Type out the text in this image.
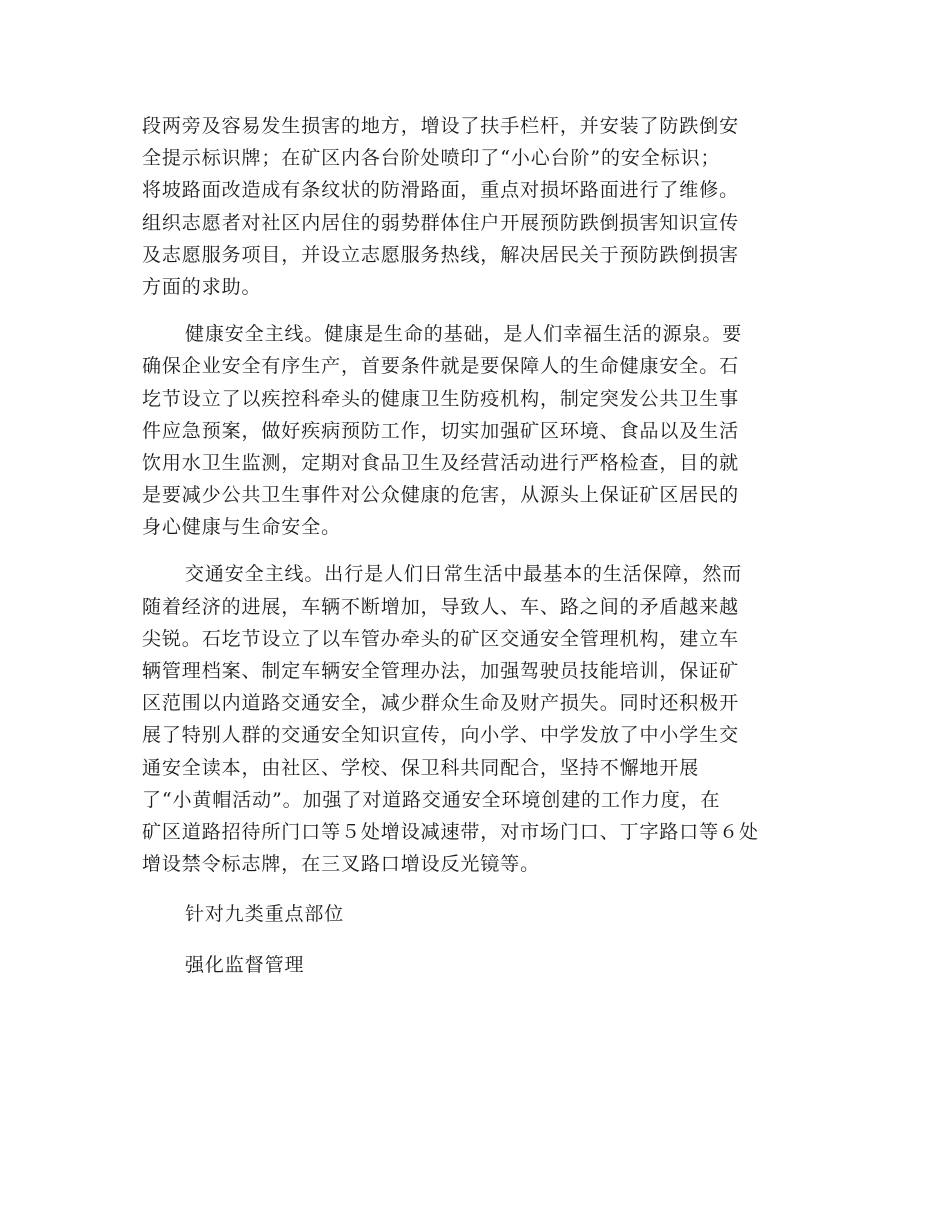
段两旁及容易发生损害的地方，增设了扶手栏杆，并安装了防跌倒安
全提示标识牌；在矿区内各台阶处喷印了“小心台阶”的安全标识；
将坡路面改造成有条纹状的防滑路面，重点对损坏路面进行了维修。
组织志愿者对社区内居住的弱势群体住户开展预防跌倒损害知识宣传
及志愿服务项目，并设立志愿服务热线，解决居民关于预防跌倒损害
方面的求助。
健康安全主线。健康是生命的基础，是人们幸福生活的源泉。要
确保企业安全有序生产，首要条件就是要保障人的生命健康安全。石
圪节设立了以疾控科牵头的健康卫生防疫机构，制定突发公共卫生事
件应急预案，做好疾病预防工作，切实加强矿区环境、食品以及生活
饮用水卫生监测，定期对食品卫生及经营活动进行严格检查，目的就
是要减少公共卫生事件对公众健康的危害，从源头上保证矿区居民的
身心健康与生命安全。
交通安全主线。出行是人们日常生活中最基本的生活保障，然而
随着经济的进展，车辆不断增加，导致人、车、路之间的矛盾越来越
尖锐。石圪节设立了以车管办牵头的矿区交通安全管理机构，建立车
辆管理档案、制定车辆安全管理办法，加强驾驶员技能培训，保证矿
区范围以内道路交通安全，减少群众生命及财产损失。同时还积极开
展了特别人群的交通安全知识宣传，向小学、中学发放了中小学生交
通安全读本，由社区、学校、保卫科共同配合，坚持不懈地开展
了“小黄帽活动”。加强了对道路交通安全环境创建的工作力度，在
矿区道路招待所门口等５处增设减速带，对市场门口、丁字路口等６处
增设禁令标志牌，在三叉路口增设反光镜等。
针对九类重点部位
强化监督管理
